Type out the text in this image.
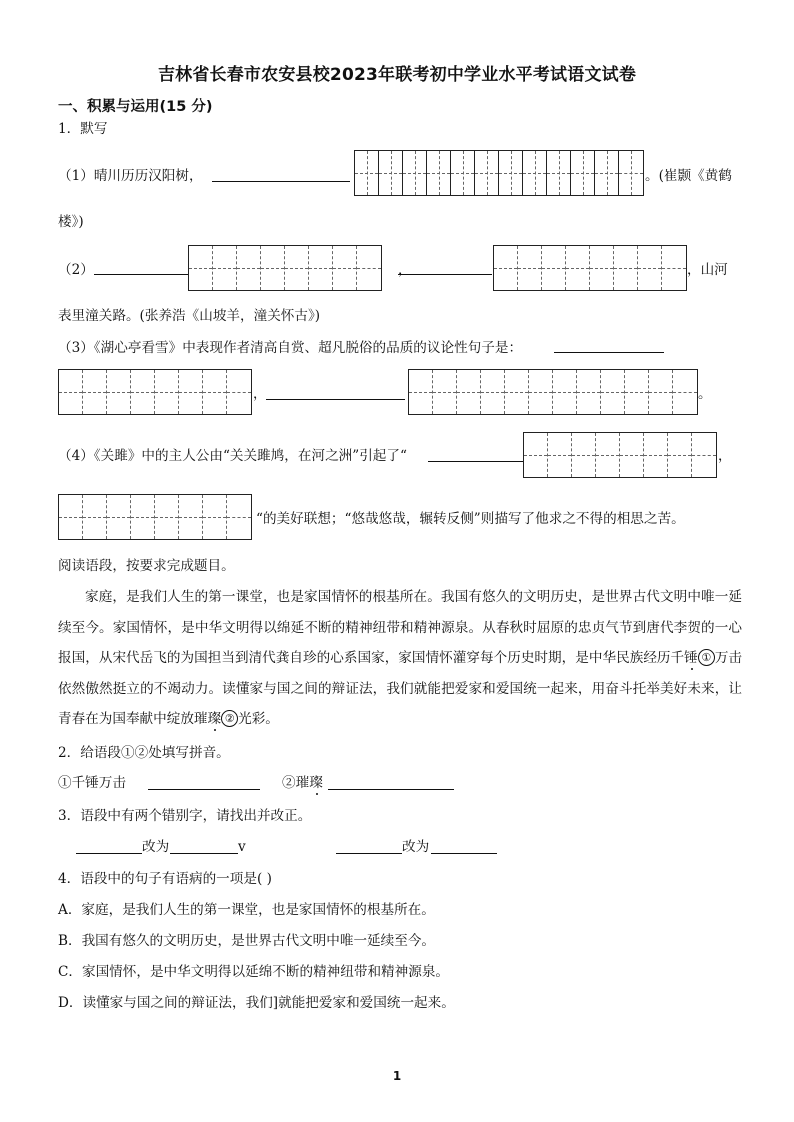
吉林省长春市农安县校2023年联考初中学业水平考试语文试卷
一、积累与运用(15 分)
1．默写
（1）晴川历历汉阳树，	。(崔颢《黄鹤
楼》)
（2）	，	，山河
表里潼关路。(张养浩《山坡羊，潼关怀古》)
（3）《湖心亭看雪》中表现作者清高自赏、超凡脱俗的品质的议论性句子是：
，	。
（4）《关雎》中的主人公由“关关雎鸠，在河之洲”引起了“	，
“的美好联想；“悠哉悠哉，辗转反侧”则描写了他求之不得的相思之苦。
阅读语段，按要求完成题目。
家庭，是我们人生的第一课堂，也是家国情怀的根基所在。我国有悠久的文明历史，是世界古代文明中唯一延续至今。家国情怀，是中华文明得以绵延不断的精神纽带和精神源泉。从春秋时屈原的忠贞气节到唐代李贺的一心报国，从宋代岳飞的为国担当到清代龚自珍的心系国家，家国情怀灌穿每个历史时期，是中华民族经历千锤 ① 万击依然傲然挺立的不竭动力。读懂家与国之间的辩证法，我们就能把爱家和爱国统一起来，用奋斗托举美好未来，让青春在为国奉献中绽放璀璨 ② 光彩。
2．给语段①②处填写拼音。
①千锤万击	②璀璨
3．语段中有两个错别字，请找出并改正。
改为	v	改为
4．语段中的句子有语病的一项是( )
A．家庭，是我们人生的第一课堂，也是家国情怀的根基所在。
B．我国有悠久的文明历史，是世界古代文明中唯一延续至今。
C．家国情怀，是中华文明得以延绵不断的精神纽带和精神源泉。
D．读懂家与国之间的辩证法，我们]就能把爱家和爱国统一起来。
1
